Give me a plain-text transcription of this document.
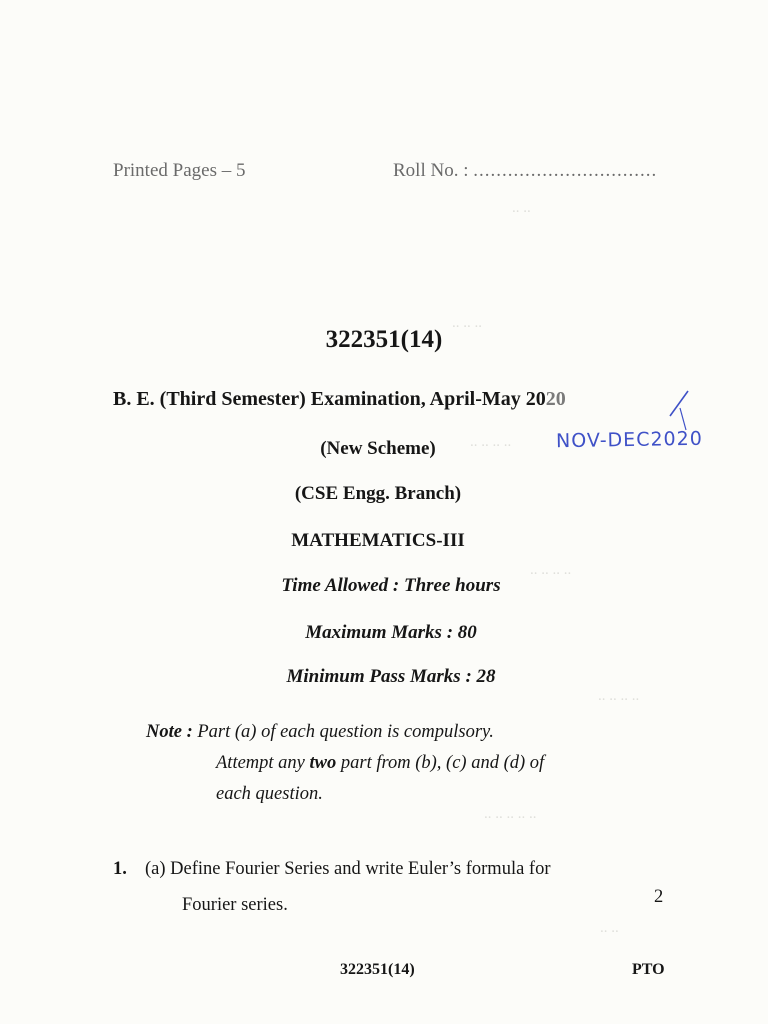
.. ..
.. .. ..
.. .. .. ..
.. .. .. ..
.. .. .. ..
.. .. .. .. ..
.. ..
Printed Pages – 5	Roll No. : ................................
322351(14)
B. E. (Third Semester) Examination, April-May 2020
NOV-DEC2020
(New Scheme)
(CSE Engg. Branch)
MATHEMATICS-III
Time Allowed : Three hours
Maximum Marks : 80
Minimum Pass Marks : 28
Note : Part (a) of each question is compulsory.
Attempt any two part from (b), (c) and (d) of
each question.
1. (a) Define Fourier Series and write Euler’s formula for
Fourier series.	2
322351(14)	PTO
